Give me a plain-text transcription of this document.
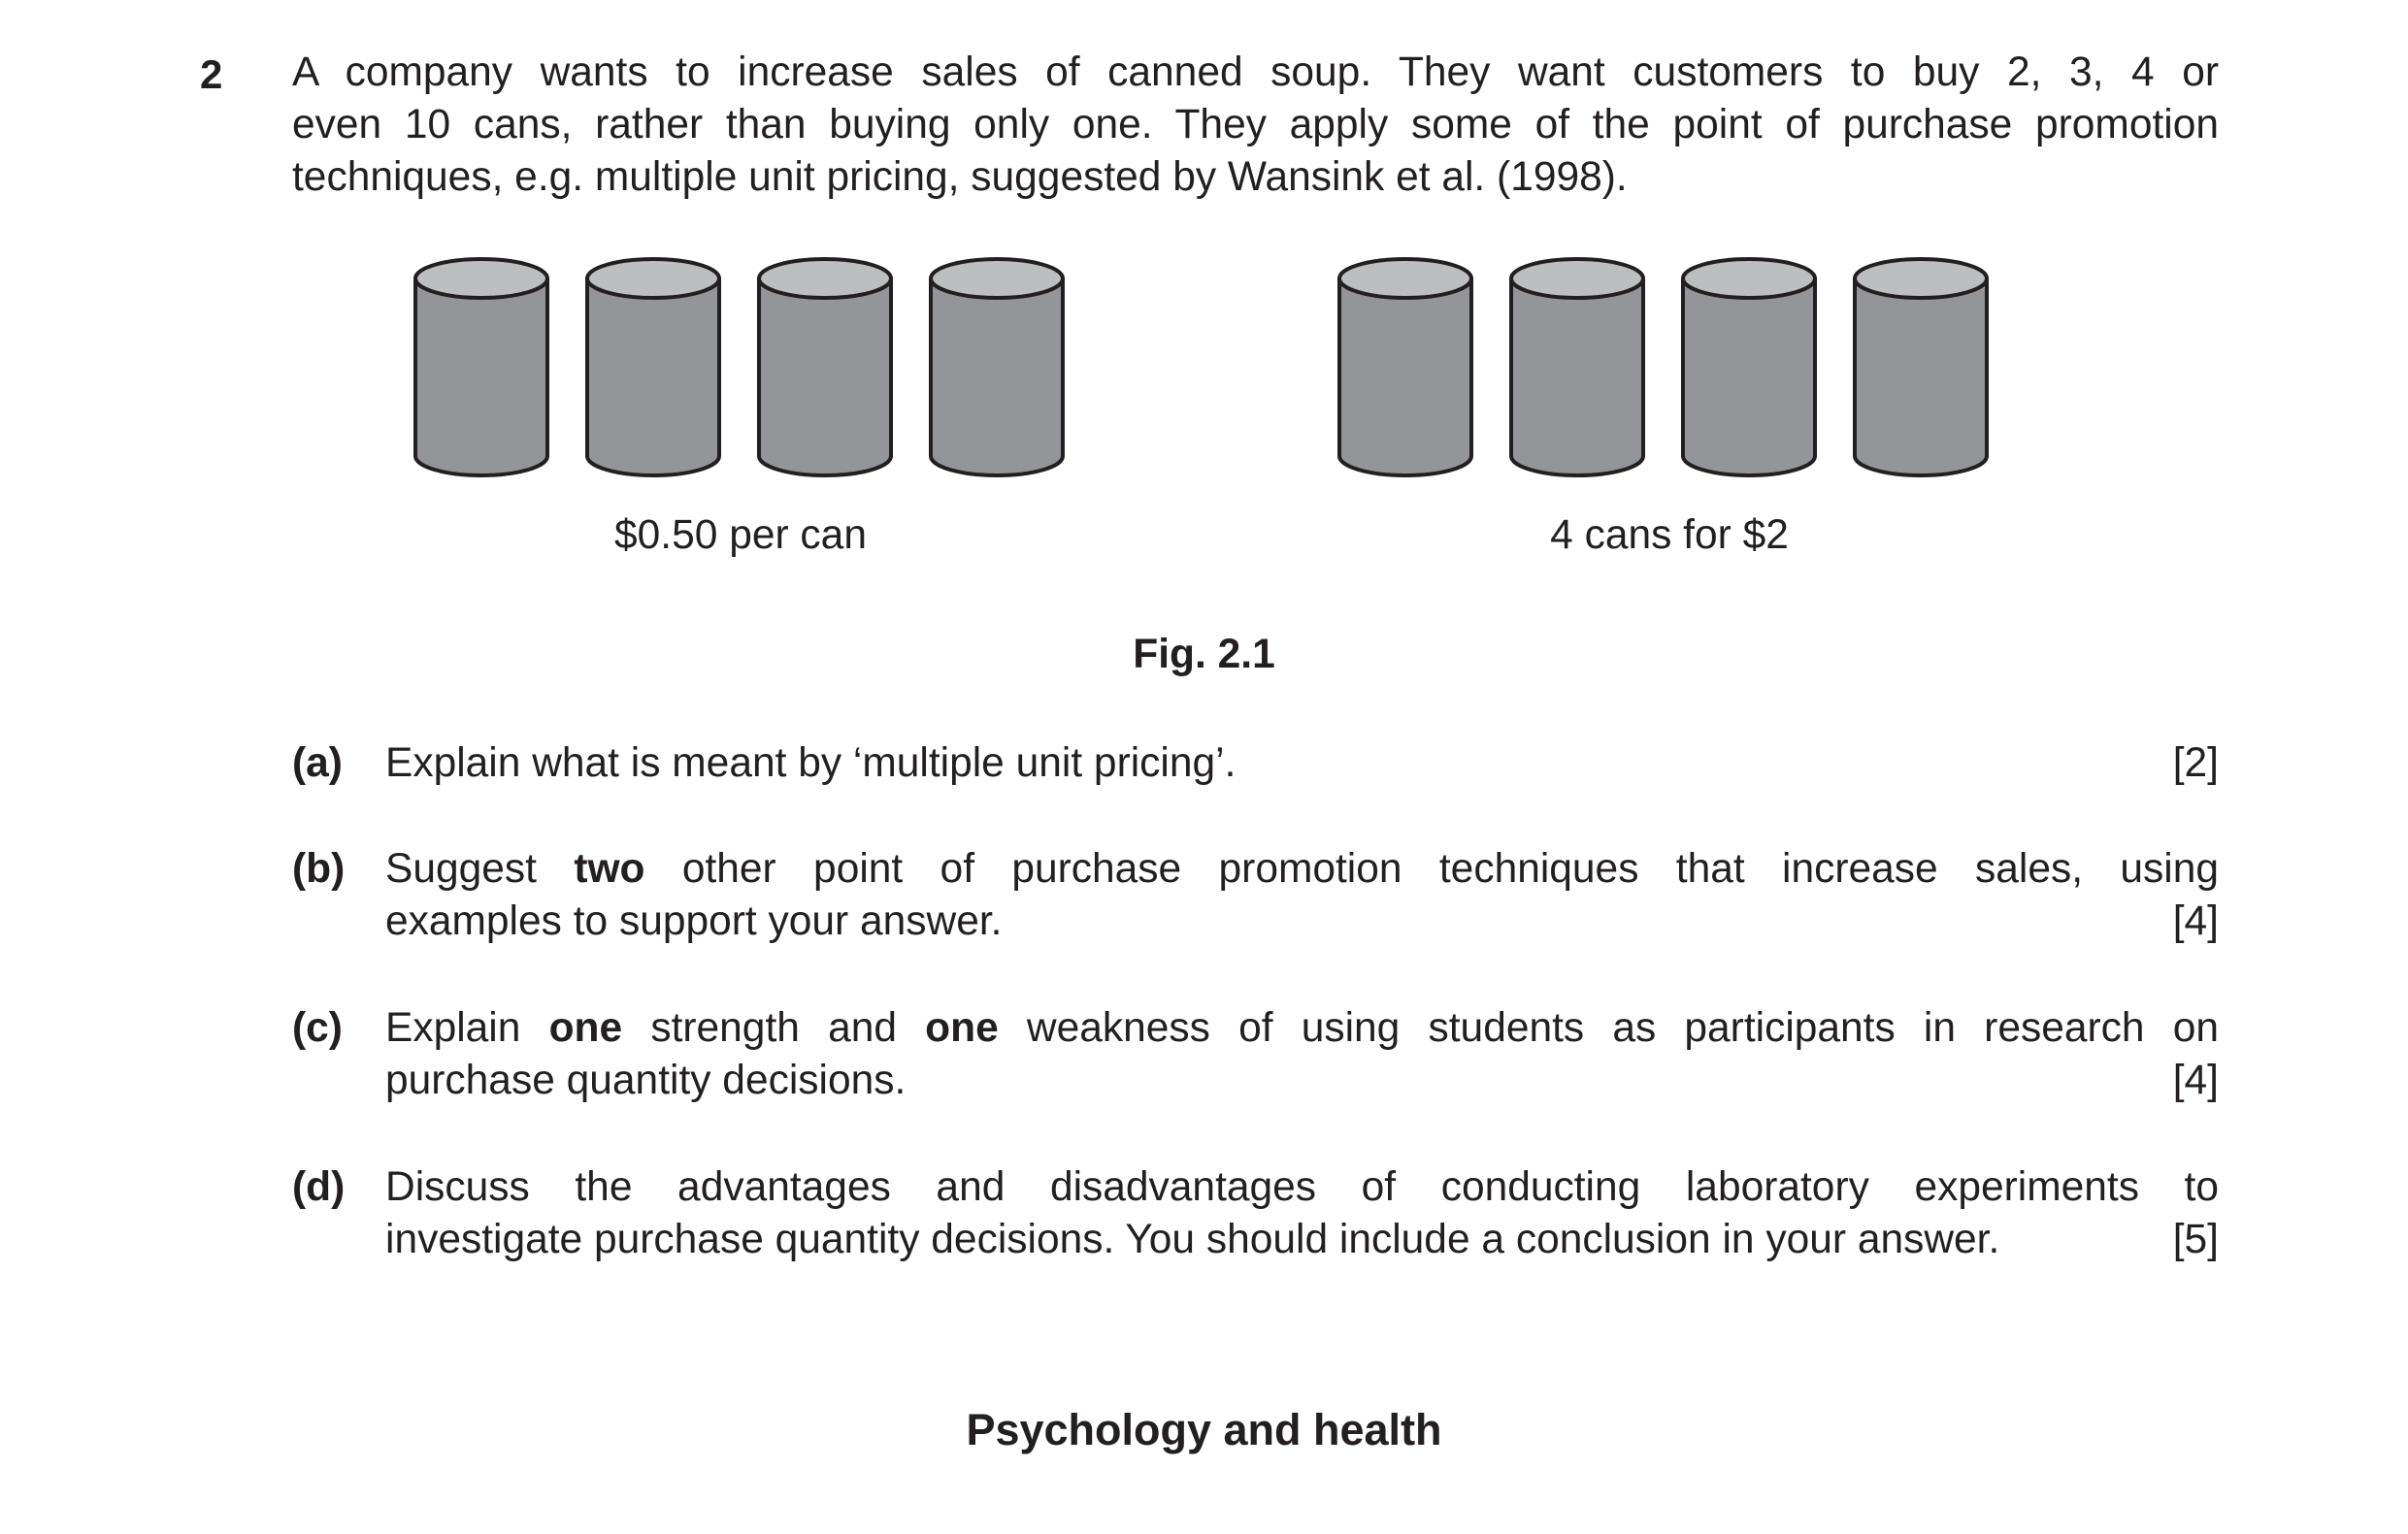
2 A company wants to increase sales of canned soup. They want customers to buy 2, 3, 4 or
even 10 cans, rather than buying only one. They apply some of the point of purchase promotion
techniques, e.g. multiple unit pricing, suggested by Wansink et al. (1998).
$0.50 per can	4 cans for $2
Fig. 2.1
(a) Explain what is meant by ‘multiple unit pricing’.	[2]
(b) Suggest two other point of purchase promotion techniques that increase sales, using
examples to support your answer.	[4]
(c) Explain one strength and one weakness of using students as participants in research on
purchase quantity decisions.	[4]
(d) Discuss the advantages and disadvantages of conducting laboratory experiments to
investigate purchase quantity decisions. You should include a conclusion in your answer.	[5]
Psychology and health
